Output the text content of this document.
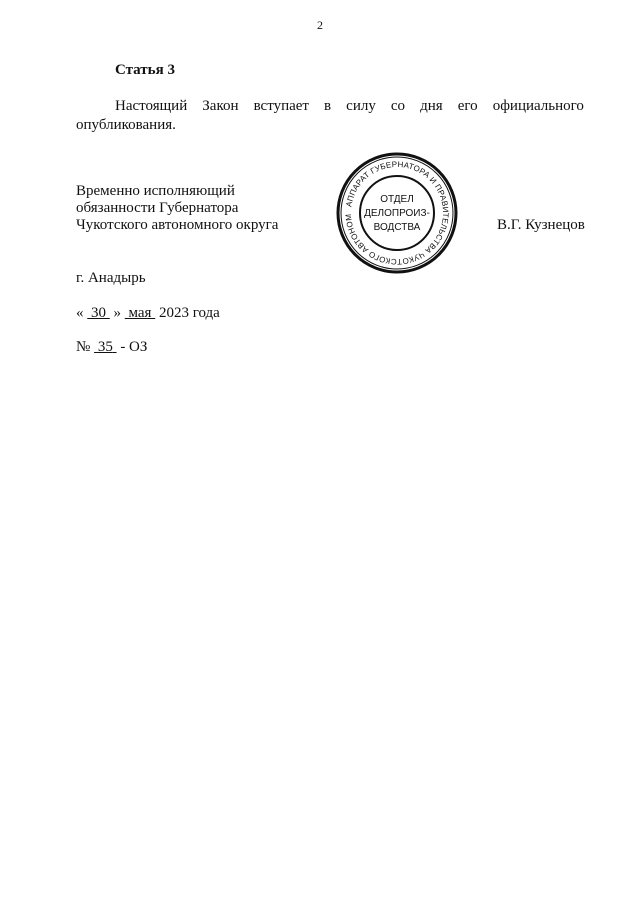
2
Статья 3
Настоящий Закон вступает в силу со дня его официального
опубликования.
Временно исполняющий
обязанности Губернатора
Чукотского автономного округа	В.Г. Кузнецов
АППАРАТ ГУБЕРНАТОРА И ПРАВИТЕЛЬСТВА ЧУКОТСКОГО АВТОНОМ
ОТДЕЛ
ДЕЛОПРОИЗ-
ВОДСТВА
г. Анадырь
« 30 » мая 2023 года
№ 35 - ОЗ
